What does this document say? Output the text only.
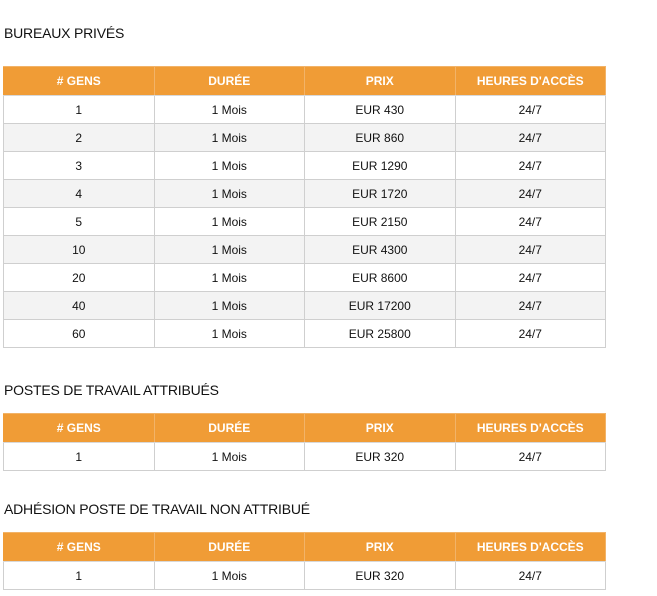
BUREAUX PRIVÉS
# GENS	DURÉE	PRIX	HEURES D'ACCÈS
1	1 Mois	EUR 430	24/7
2	1 Mois	EUR 860	24/7
3	1 Mois	EUR 1290	24/7
4	1 Mois	EUR 1720	24/7
5	1 Mois	EUR 2150	24/7
10	1 Mois	EUR 4300	24/7
20	1 Mois	EUR 8600	24/7
40	1 Mois	EUR 17200	24/7
60	1 Mois	EUR 25800	24/7
POSTES DE TRAVAIL ATTRIBUÉS
# GENS	DURÉE	PRIX	HEURES D'ACCÈS
1	1 Mois	EUR 320	24/7
ADHÉSION POSTE DE TRAVAIL NON ATTRIBUÉ
# GENS	DURÉE	PRIX	HEURES D'ACCÈS
1	1 Mois	EUR 320	24/7
